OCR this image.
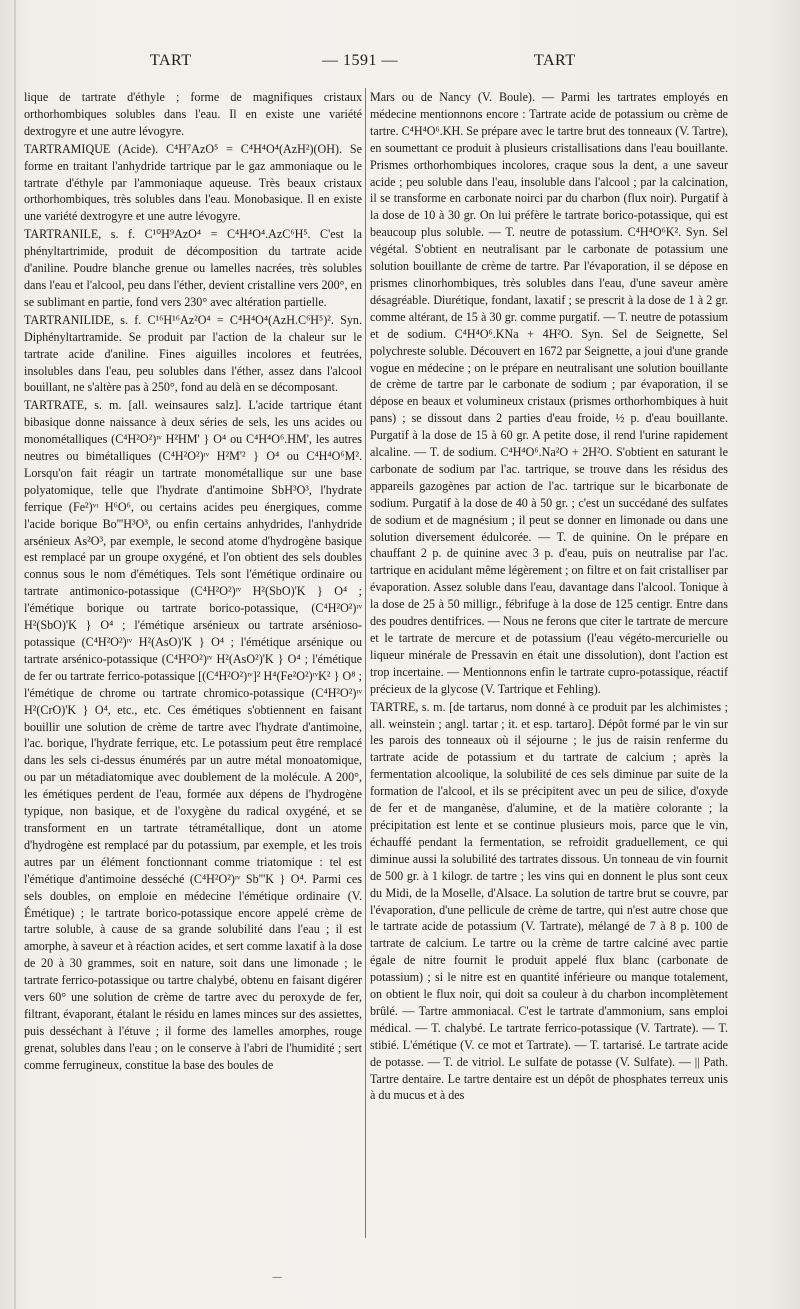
TART	— 1591 —	TART

lique de tartrate d'éthyle ; forme de magnifiques cristaux orthorhombiques solubles dans l'eau. Il en existe une variété dextrogyre et une autre lévogyre.

TARTRAMIQUE (Acide). C⁴H⁷AzO⁵ = C⁴H⁴O⁴(AzH²)(OH). Se forme en traitant l'anhydride tartrique par le gaz ammoniaque ou le tartrate d'éthyle par l'ammoniaque aqueuse. Très beaux cristaux orthorhombiques, très solubles dans l'eau. Monobasique. Il en existe une variété dextrogyre et une autre lévogyre.

TARTRANILE, s. f. C¹⁰H⁹AzO⁴ = C⁴H⁴O⁴.AzC⁶H⁵. C'est la phényltartrimide, produit de décomposition du tartrate acide d'aniline. Poudre blanche grenue ou lamelles nacrées, très solubles dans l'eau et l'alcool, peu dans l'éther, devient cristalline vers 200°, en se sublimant en partie, fond vers 230° avec altération partielle.

TARTRANILIDE, s. f. C¹⁶H¹⁶Az²O⁴ = C⁴H⁴O⁴(AzH.C⁶H⁵)². Syn. Diphényltartramide. Se produit par l'action de la chaleur sur le tartrate acide d'aniline. Fines aiguilles incolores et feutrées, insolubles dans l'eau, peu solubles dans l'éther, assez dans l'alcool bouillant, ne s'altère pas à 250°, fond au delà en se décomposant.

TARTRATE, s. m. [all. weinsaures salz]. L'acide tartrique étant bibasique donne naissance à deux séries de sels, les uns acides ou monométalliques (C⁴H²O²)ᶦᵛ H²HM' } O⁴ ou C⁴H⁴O⁶.HM', les autres neutres ou bimétalliques (C⁴H²O²)ᶦᵛ H²M'² } O⁴ ou C⁴H⁴O⁶M². Lorsqu'on fait réagir un tartrate monométallique sur une base polyatomique, telle que l'hydrate d'antimoine SbH³O³, l'hydrate ferrique (Fe²)ᵛᶦ H⁶O⁶, ou certains acides peu énergiques, comme l'acide borique Bo'''H³O³, ou enfin certains anhydrides, l'anhydride arsénieux As²O³, par exemple, le second atome d'hydrogène basique est remplacé par un groupe oxygéné, et l'on obtient des sels doubles connus sous le nom d'émétiques. Tels sont l'émétique ordinaire ou tartrate antimonico-potassique (C⁴H²O²)ᶦᵛ H²(SbO)'K } O⁴ ; l'émétique borique ou tartrate borico-potassique, (C⁴H²O²)ᶦᵛ H²(SbO)'K } O⁴ ; l'émétique arsénieux ou tartrate arsénioso-potassique (C⁴H²O²)ᶦᵛ H²(AsO)'K } O⁴ ; l'émétique arsénique ou tartrate arsénico-potassique (C⁴H²O²)ᶦᵛ H²(AsO²)'K } O⁴ ; l'émétique de fer ou tartrate ferrico-potassique [(C⁴H²O²)ᶦᵛ]² H⁴(Fe²O²)ᶦᵛK² } O⁸ ; l'émétique de chrome ou tartrate chromico-potassique (C⁴H²O²)ᶦᵛ H²(CrO)'K } O⁴, etc., etc. Ces émétiques s'obtiennent en faisant bouillir une solution de crème de tartre avec l'hydrate d'antimoine, l'ac. borique, l'hydrate ferrique, etc. Le potassium peut être remplacé dans les sels ci-dessus énumérés par un autre métal monoatomique, ou par un métadiatomique avec doublement de la molécule. A 200°, les émétiques perdent de l'eau, formée aux dépens de l'hydrogène typique, non basique, et de l'oxygène du radical oxygéné, et se transforment en un tartrate tétramétallique, dont un atome d'hydrogène est remplacé par du potassium, par exemple, et les trois autres par un élément fonctionnant comme triatomique : tel est l'émétique d'antimoine desséché (C⁴H²O²)ᶦᵛ Sb'''K } O⁴. Parmi ces sels doubles, on emploie en médecine l'émétique ordinaire (V. Émétique) ; le tartrate borico-potassique encore appelé crème de tartre soluble, à cause de sa grande solubilité dans l'eau ; il est amorphe, à saveur et à réaction acides, et sert comme laxatif à la dose de 20 à 30 grammes, soit en nature, soit dans une limonade ; le tartrate ferrico-potassique ou tartre chalybé, obtenu en faisant digérer vers 60° une solution de crème de tartre avec du peroxyde de fer, filtrant, évaporant, étalant le résidu en lames minces sur des assiettes, puis desséchant à l'étuve ; il forme des lamelles amorphes, rouge grenat, solubles dans l'eau ; on le conserve à l'abri de l'humidité ; sert comme ferrugineux, constitue la base des boules de

Mars ou de Nancy (V. Boule). — Parmi les tartrates employés en médecine mentionnons encore : Tartrate acide de potassium ou crème de tartre. C⁴H⁴O⁶.KH. Se prépare avec le tartre brut des tonneaux (V. Tartre), en soumettant ce produit à plusieurs cristallisations dans l'eau bouillante. Prismes orthorhombiques incolores, craque sous la dent, a une saveur acide ; peu soluble dans l'eau, insoluble dans l'alcool ; par la calcination, il se transforme en carbonate noirci par du charbon (flux noir). Purgatif à la dose de 10 à 30 gr. On lui préfère le tartrate borico-potassique, qui est beaucoup plus soluble. — T. neutre de potassium. C⁴H⁴O⁶K². Syn. Sel végétal. S'obtient en neutralisant par le carbonate de potassium une solution bouillante de crème de tartre. Par l'évaporation, il se dépose en prismes clinorhombiques, très solubles dans l'eau, d'une saveur amère désagréable. Diurétique, fondant, laxatif ; se prescrit à la dose de 1 à 2 gr. comme altérant, de 15 à 30 gr. comme purgatif. — T. neutre de potassium et de sodium. C⁴H⁴O⁶.KNa + 4H²O. Syn. Sel de Seignette, Sel polychreste soluble. Découvert en 1672 par Seignette, a joui d'une grande vogue en médecine ; on le prépare en neutralisant une solution bouillante de crème de tartre par le carbonate de sodium ; par évaporation, il se dépose en beaux et volumineux cristaux (prismes orthorhombiques à huit pans) ; se dissout dans 2 parties d'eau froide, ½ p. d'eau bouillante. Purgatif à la dose de 15 à 60 gr. A petite dose, il rend l'urine rapidement alcaline. — T. de sodium. C⁴H⁴O⁶.Na²O + 2H²O. S'obtient en saturant le carbonate de sodium par l'ac. tartrique, se trouve dans les résidus des appareils gazogènes par action de l'ac. tartrique sur le bicarbonate de sodium. Purgatif à la dose de 40 à 50 gr. ; c'est un succédané des sulfates de sodium et de magnésium ; il peut se donner en limonade ou dans une solution diversement édulcorée. — T. de quinine. On le prépare en chauffant 2 p. de quinine avec 3 p. d'eau, puis on neutralise par l'ac. tartrique en acidulant même légèrement ; on filtre et on fait cristalliser par évaporation. Assez soluble dans l'eau, davantage dans l'alcool. Tonique à la dose de 25 à 50 milligr., fébrifuge à la dose de 125 centigr. Entre dans des poudres dentifrices. — Nous ne ferons que citer le tartrate de mercure et le tartrate de mercure et de potassium (l'eau végéto-mercurielle ou liqueur minérale de Pressavin en était une dissolution), dont l'action est trop incertaine. — Mentionnons enfin le tartrate cupro-potassique, réactif précieux de la glycose (V. Tartrique et Fehling).

TARTRE, s. m. [de tartarus, nom donné à ce produit par les alchimistes ; all. weinstein ; angl. tartar ; it. et esp. tartaro]. Dépôt formé par le vin sur les parois des tonneaux où il séjourne ; le jus de raisin renferme du tartrate acide de potassium et du tartrate de calcium ; après la fermentation alcoolique, la solubilité de ces sels diminue par suite de la formation de l'alcool, et ils se précipitent avec un peu de silice, d'oxyde de fer et de manganèse, d'alumine, et de la matière colorante ; la précipitation est lente et se continue plusieurs mois, parce que le vin, échauffé pendant la fermentation, se refroidit graduellement, ce qui diminue aussi la solubilité des tartrates dissous. Un tonneau de vin fournit de 500 gr. à 1 kilogr. de tartre ; les vins qui en donnent le plus sont ceux du Midi, de la Moselle, d'Alsace. La solution de tartre brut se couvre, par l'évaporation, d'une pellicule de crème de tartre, qui n'est autre chose que le tartrate acide de potassium (V. Tartrate), mélangé de 7 à 8 p. 100 de tartrate de calcium. Le tartre ou la crème de tartre calciné avec partie égale de nitre fournit le produit appelé flux blanc (carbonate de potassium) ; si le nitre est en quantité inférieure ou manque totalement, on obtient le flux noir, qui doit sa couleur à du charbon incomplètement brûlé. — Tartre ammoniacal. C'est le tartrate d'ammonium, sans emploi médical. — T. chalybé. Le tartrate ferrico-potassique (V. Tartrate). — T. stibié. L'émétique (V. ce mot et Tartrate). — T. tartarisé. Le tartrate acide de potasse. — T. de vitriol. Le sulfate de potasse (V. Sulfate). — || Path. Tartre dentaire. Le tartre dentaire est un dépôt de phosphates terreux unis à du mucus et à des

—
